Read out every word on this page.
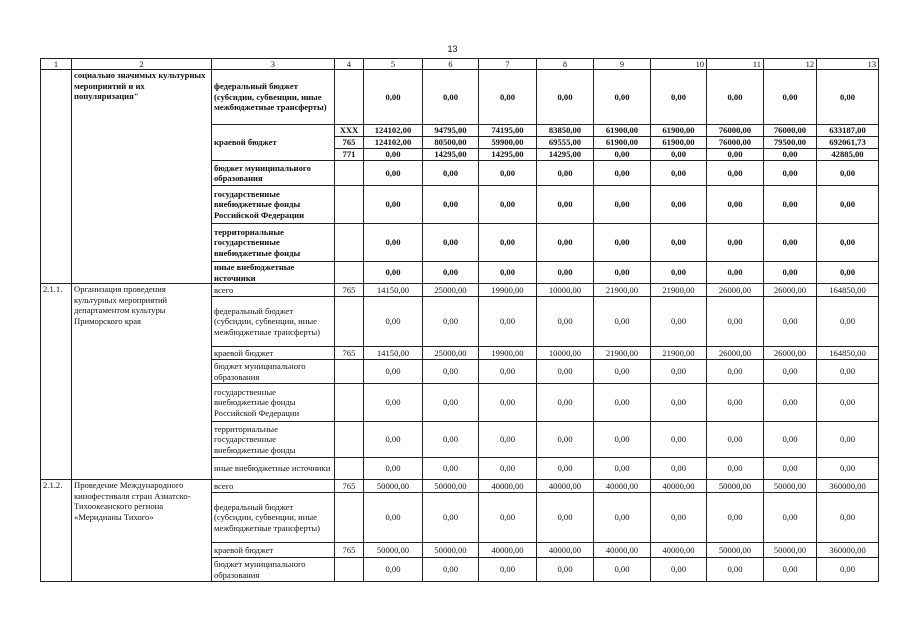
13
1	2	3	4	5	6	7	8	9	10	11	12	13
	социально значимых культурных мероприятий и их популяризация"	федеральный бюджет (субсидии, субвенции, иные межбюджетные трансферты)		0,00	0,00	0,00	0,00	0,00	0,00	0,00	0,00	0,00
		краевой бюджет	XXX	124102,00	94795,00	74195,00	83850,00	61900,00	61900,00	76000,00	76000,00	633187,00
			765	124102,00	80500,00	59900,00	69555,00	61900,00	61900,00	76000,00	79500,00	692061,73
			771	0,00	14295,00	14295,00	14295,00	0,00	0,00	0,00	0,00	42885,00
		бюджет муниципального образования		0,00	0,00	0,00	0,00	0,00	0,00	0,00	0,00	0,00
		государственные внебюджетные фонды Российской Федерации		0,00	0,00	0,00	0,00	0,00	0,00	0,00	0,00	0,00
		территориальные государственные внебюджетные фонды		0,00	0,00	0,00	0,00	0,00	0,00	0,00	0,00	0,00
		иные внебюджетные источники		0,00	0,00	0,00	0,00	0,00	0,00	0,00	0,00	0,00
2.1.1.	Организация проведения культурных мероприятий департаментом культуры Приморского края	всего	765	14150,00	25000,00	19900,00	10000,00	21900,00	21900,00	26000,00	26000,00	164850,00
		федеральный бюджет (субсидии, субвенции, иные межбюджетные трансферты)		0,00	0,00	0,00	0,00	0,00	0,00	0,00	0,00	0,00
		краевой бюджет	765	14150,00	25000,00	19900,00	10000,00	21900,00	21900,00	26000,00	26000,00	164850,00
		бюджет муниципального образования		0,00	0,00	0,00	0,00	0,00	0,00	0,00	0,00	0,00
		государственные внебюджетные фонды Российской Федерации		0,00	0,00	0,00	0,00	0,00	0,00	0,00	0,00	0,00
		территориальные государственные внебюджетные фонды		0,00	0,00	0,00	0,00	0,00	0,00	0,00	0,00	0,00
		иные внебюджетные источники		0,00	0,00	0,00	0,00	0,00	0,00	0,00	0,00	0,00
2.1.2.	Проведение Международного кинофестиваля стран Азиатско-Тихоокеанского региона «Меридианы Тихого»	всего	765	50000,00	50000,00	40000,00	40000,00	40000,00	40000,00	50000,00	50000,00	360000,00
		федеральный бюджет (субсидии, субвенции, иные межбюджетные трансферты)		0,00	0,00	0,00	0,00	0,00	0,00	0,00	0,00	0,00
		краевой бюджет	765	50000,00	50000,00	40000,00	40000,00	40000,00	40000,00	50000,00	50000,00	360000,00
		бюджет муниципального образования		0,00	0,00	0,00	0,00	0,00	0,00	0,00	0,00	0,00
